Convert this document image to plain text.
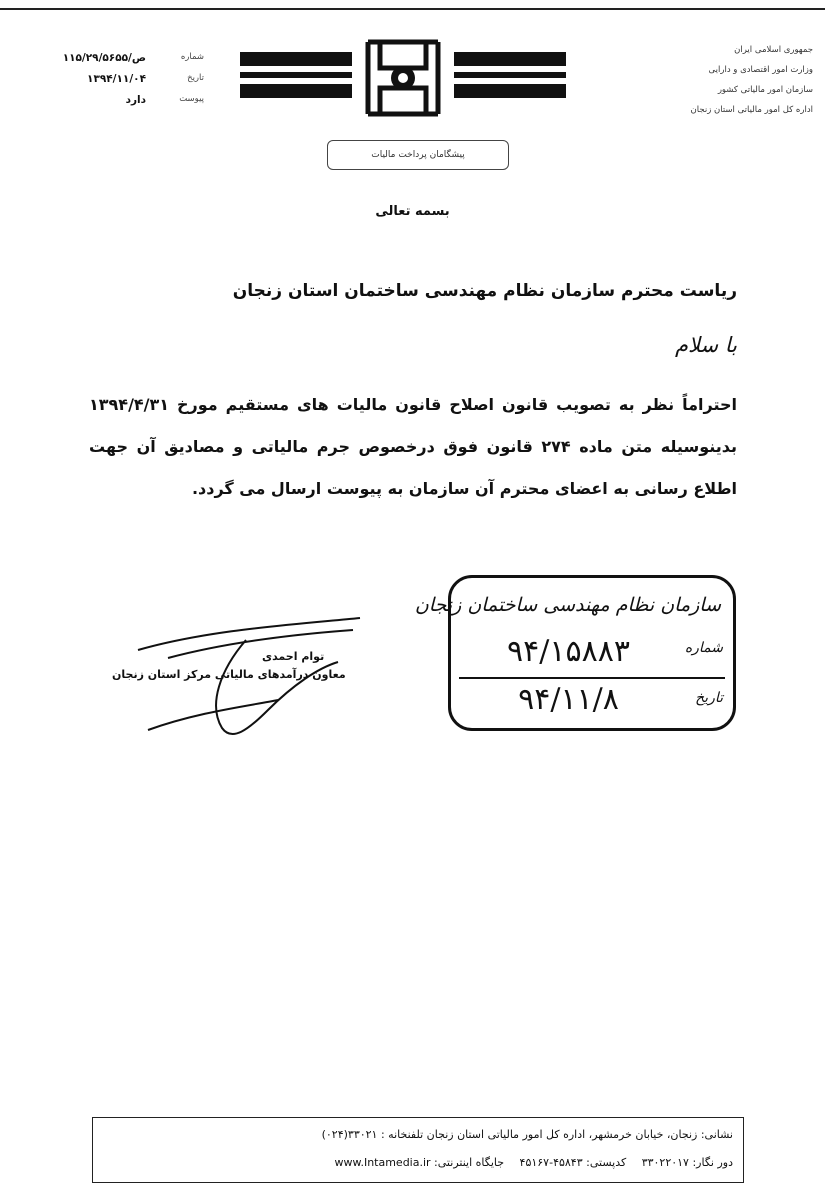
جمهوری اسلامی ایران
وزارت امور اقتصادی و دارایی
سازمان امور مالیاتی کشور
اداره کل امور مالیاتی استان زنجان
شماره
۱۱۵/۲۹/۵۶۵۵/ص
تاریخ
۱۳۹۴/۱۱/۰۴
پیوست
دارد
پیشگامان پرداخت مالیات
بسمه تعالی
ریاست محترم سازمان نظام مهندسی ساختمان استان زنجان
با سلام
احتراماً نظر به تصویب قانون اصلاح قانون مالیات های مستقیم مورخ ۱۳۹۴/۴/۳۱ بدینوسیله متن ماده ۲۷۴ قانون فوق درخصوص جرم مالیاتی و مصادیق آن جهت اطلاع رسانی به اعضای محترم آن سازمان به پیوست ارسال می گردد.
سازمان نظام مهندسی ساختمان زنجان
شماره
۹۴/۱۵۸۸۳
تاریخ
۹۴/۱۱/۸
توام احمدی
معاون درآمدهای مالیاتی مرکز استان زنجان
نشانی: زنجان، خیابان خرمشهر، اداره کل امور مالیاتی استان زنجان تلفنخانه : ۳۳۰۲۱(۰۲۴)
دور نگار: ۳۳۰۲۲۰۱۷ کدپستی: ۴۵۸۴۳-۴۵۱۶۷ جایگاه اینترنتی: www.Intamedia.ir
